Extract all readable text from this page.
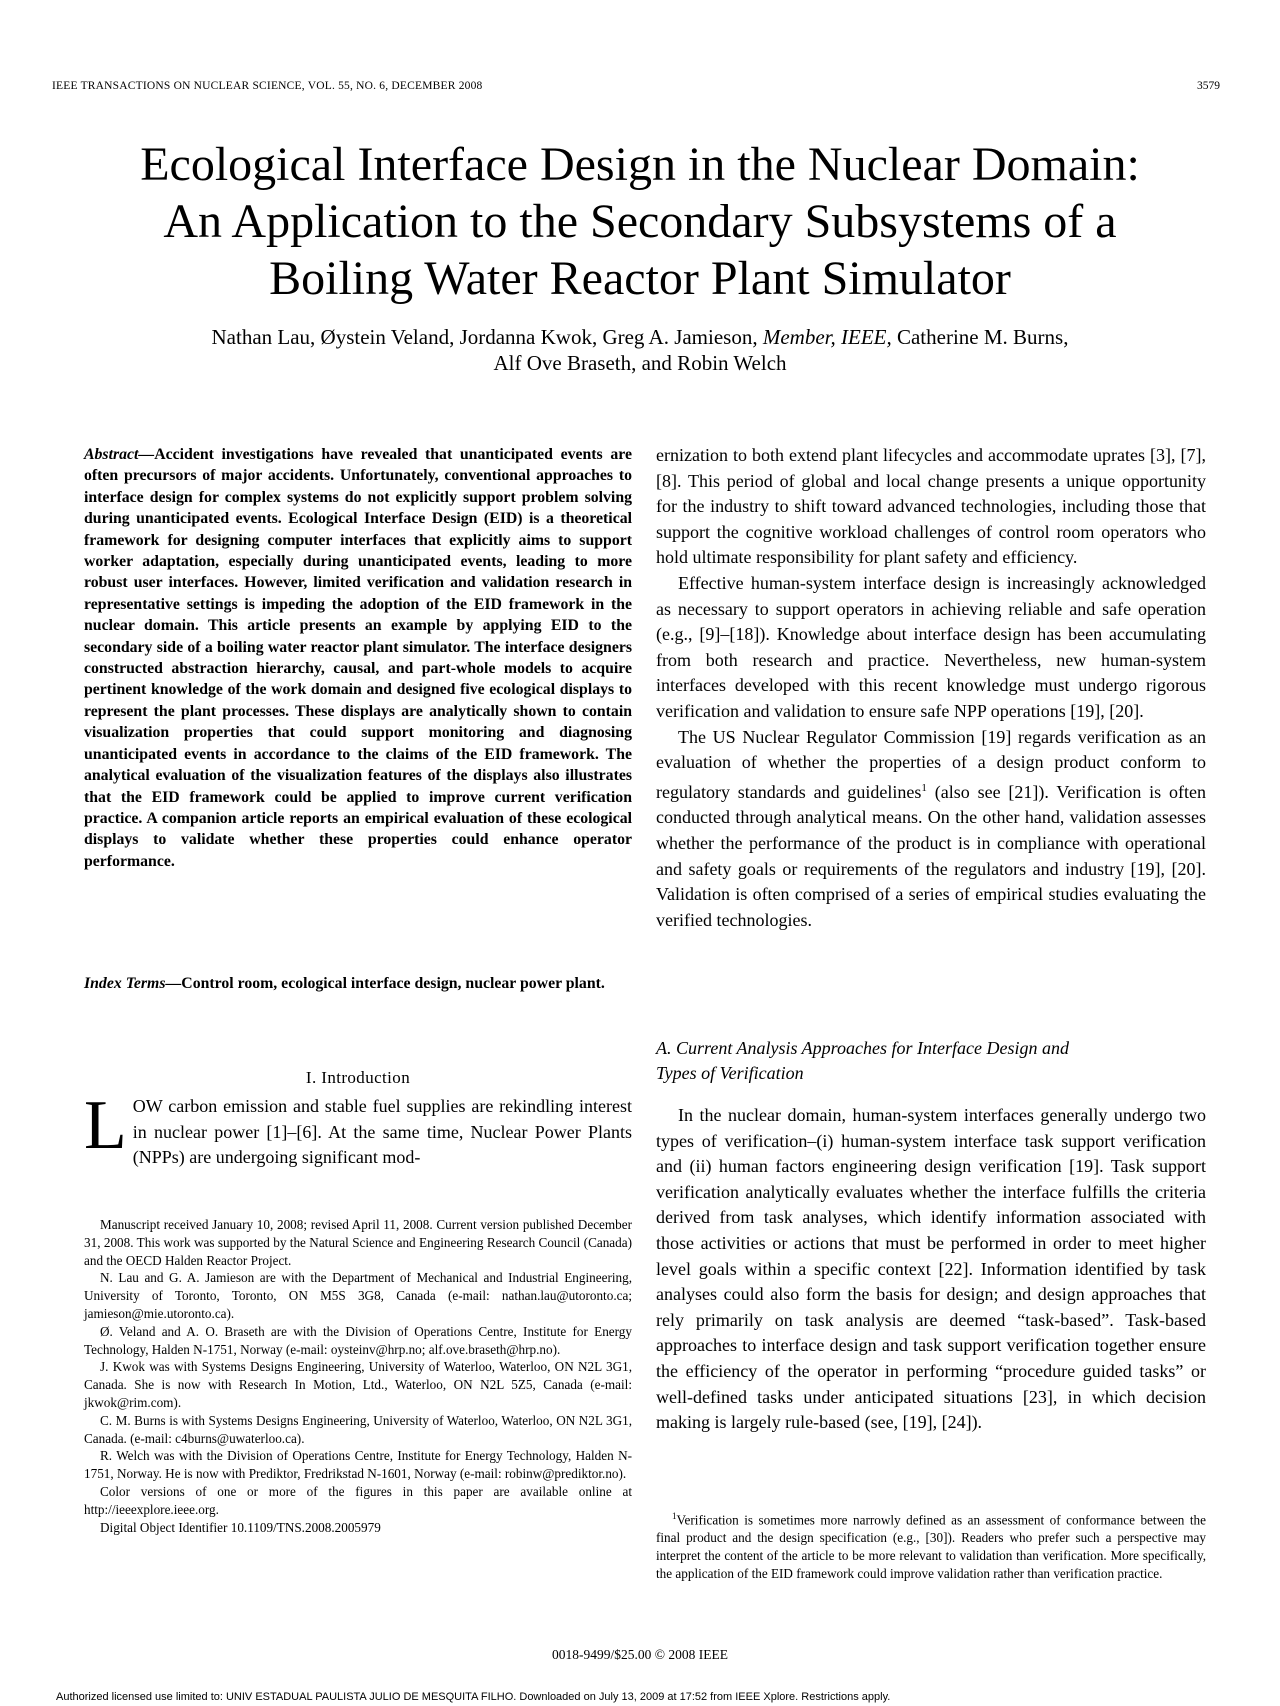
IEEE TRANSACTIONS ON NUCLEAR SCIENCE, VOL. 55, NO. 6, DECEMBER 2008	3579
Ecological Interface Design in the Nuclear Domain:
An Application to the Secondary Subsystems of a
Boiling Water Reactor Plant Simulator
Nathan Lau, Øystein Veland, Jordanna Kwok, Greg A. Jamieson, Member, IEEE, Catherine M. Burns,
Alf Ove Braseth, and Robin Welch

Abstract—Accident investigations have revealed that unanticipated events are often precursors of major accidents. Unfortunately, conventional approaches to interface design for complex systems do not explicitly support problem solving during unanticipated events. Ecological Interface Design (EID) is a theoretical framework for designing computer interfaces that explicitly aims to support worker adaptation, especially during unanticipated events, leading to more robust user interfaces. However, limited verification and validation research in representative settings is impeding the adoption of the EID framework in the nuclear domain. This article presents an example by applying EID to the secondary side of a boiling water reactor plant simulator. The interface designers constructed abstraction hierarchy, causal, and part-whole models to acquire pertinent knowledge of the work domain and designed five ecological displays to represent the plant processes. These displays are analytically shown to contain visualization properties that could support monitoring and diagnosing unanticipated events in accordance to the claims of the EID framework. The analytical evaluation of the visualization features of the displays also illustrates that the EID framework could be applied to improve current verification practice. A companion article reports an empirical evaluation of these ecological displays to validate whether these properties could enhance operator performance.

Index Terms—Control room, ecological interface design, nuclear power plant.

I. Introduction

LOW carbon emission and stable fuel supplies are rekindling interest in nuclear power [1]–[6]. At the same time, Nuclear Power Plants (NPPs) are undergoing significant mod-

Manuscript received January 10, 2008; revised April 11, 2008. Current version published December 31, 2008. This work was supported by the Natural Science and Engineering Research Council (Canada) and the OECD Halden Reactor Project.

N. Lau and G. A. Jamieson are with the Department of Mechanical and Industrial Engineering, University of Toronto, Toronto, ON M5S 3G8, Canada (e-mail: nathan.lau@utoronto.ca; jamieson@mie.utoronto.ca).

Ø. Veland and A. O. Braseth are with the Division of Operations Centre, Institute for Energy Technology, Halden N-1751, Norway (e-mail: oysteinv@hrp.no; alf.ove.braseth@hrp.no).

J. Kwok was with Systems Designs Engineering, University of Waterloo, Waterloo, ON N2L 3G1, Canada. She is now with Research In Motion, Ltd., Waterloo, ON N2L 5Z5, Canada (e-mail: jkwok@rim.com).

C. M. Burns is with Systems Designs Engineering, University of Waterloo, Waterloo, ON N2L 3G1, Canada. (e-mail: c4burns@uwaterloo.ca).

R. Welch was with the Division of Operations Centre, Institute for Energy Technology, Halden N-1751, Norway. He is now with Prediktor, Fredrikstad N-1601, Norway (e-mail: robinw@prediktor.no).

Color versions of one or more of the figures in this paper are available online at http://ieeexplore.ieee.org.

Digital Object Identifier 10.1109/TNS.2008.2005979

ernization to both extend plant lifecycles and accommodate uprates [3], [7], [8]. This period of global and local change presents a unique opportunity for the industry to shift toward advanced technologies, including those that support the cognitive workload challenges of control room operators who hold ultimate responsibility for plant safety and efficiency.

Effective human-system interface design is increasingly acknowledged as necessary to support operators in achieving reliable and safe operation (e.g., [9]–[18]). Knowledge about interface design has been accumulating from both research and practice. Nevertheless, new human-system interfaces developed with this recent knowledge must undergo rigorous verification and validation to ensure safe NPP operations [19], [20].

The US Nuclear Regulator Commission [19] regards verification as an evaluation of whether the properties of a design product conform to regulatory standards and guidelines$^1$ (also see [21]). Verification is often conducted through analytical means. On the other hand, validation assesses whether the performance of the product is in compliance with operational and safety goals or requirements of the regulators and industry [19], [20]. Validation is often comprised of a series of empirical studies evaluating the verified technologies.

A. Current Analysis Approaches for Interface Design and
Types of Verification

In the nuclear domain, human-system interfaces generally undergo two types of verification–(i) human-system interface task support verification and (ii) human factors engineering design verification [19]. Task support verification analytically evaluates whether the interface fulfills the criteria derived from task analyses, which identify information associated with those activities or actions that must be performed in order to meet higher level goals within a specific context [22]. Information identified by task analyses could also form the basis for design; and design approaches that rely primarily on task analysis are deemed “task-based”. Task-based approaches to interface design and task support verification together ensure the efficiency of the operator in performing “procedure guided tasks” or well-defined tasks under anticipated situations [23], in which decision making is largely rule-based (see, [19], [24]).

$^1$Verification is sometimes more narrowly defined as an assessment of conformance between the final product and the design specification (e.g., [30]). Readers who prefer such a perspective may interpret the content of the article to be more relevant to validation than verification. More specifically, the application of the EID framework could improve validation rather than verification practice.

0018-9499/$25.00 © 2008 IEEE
Authorized licensed use limited to: UNIV ESTADUAL PAULISTA JULIO DE MESQUITA FILHO. Downloaded on July 13, 2009 at 17:52 from IEEE Xplore. Restrictions apply.
